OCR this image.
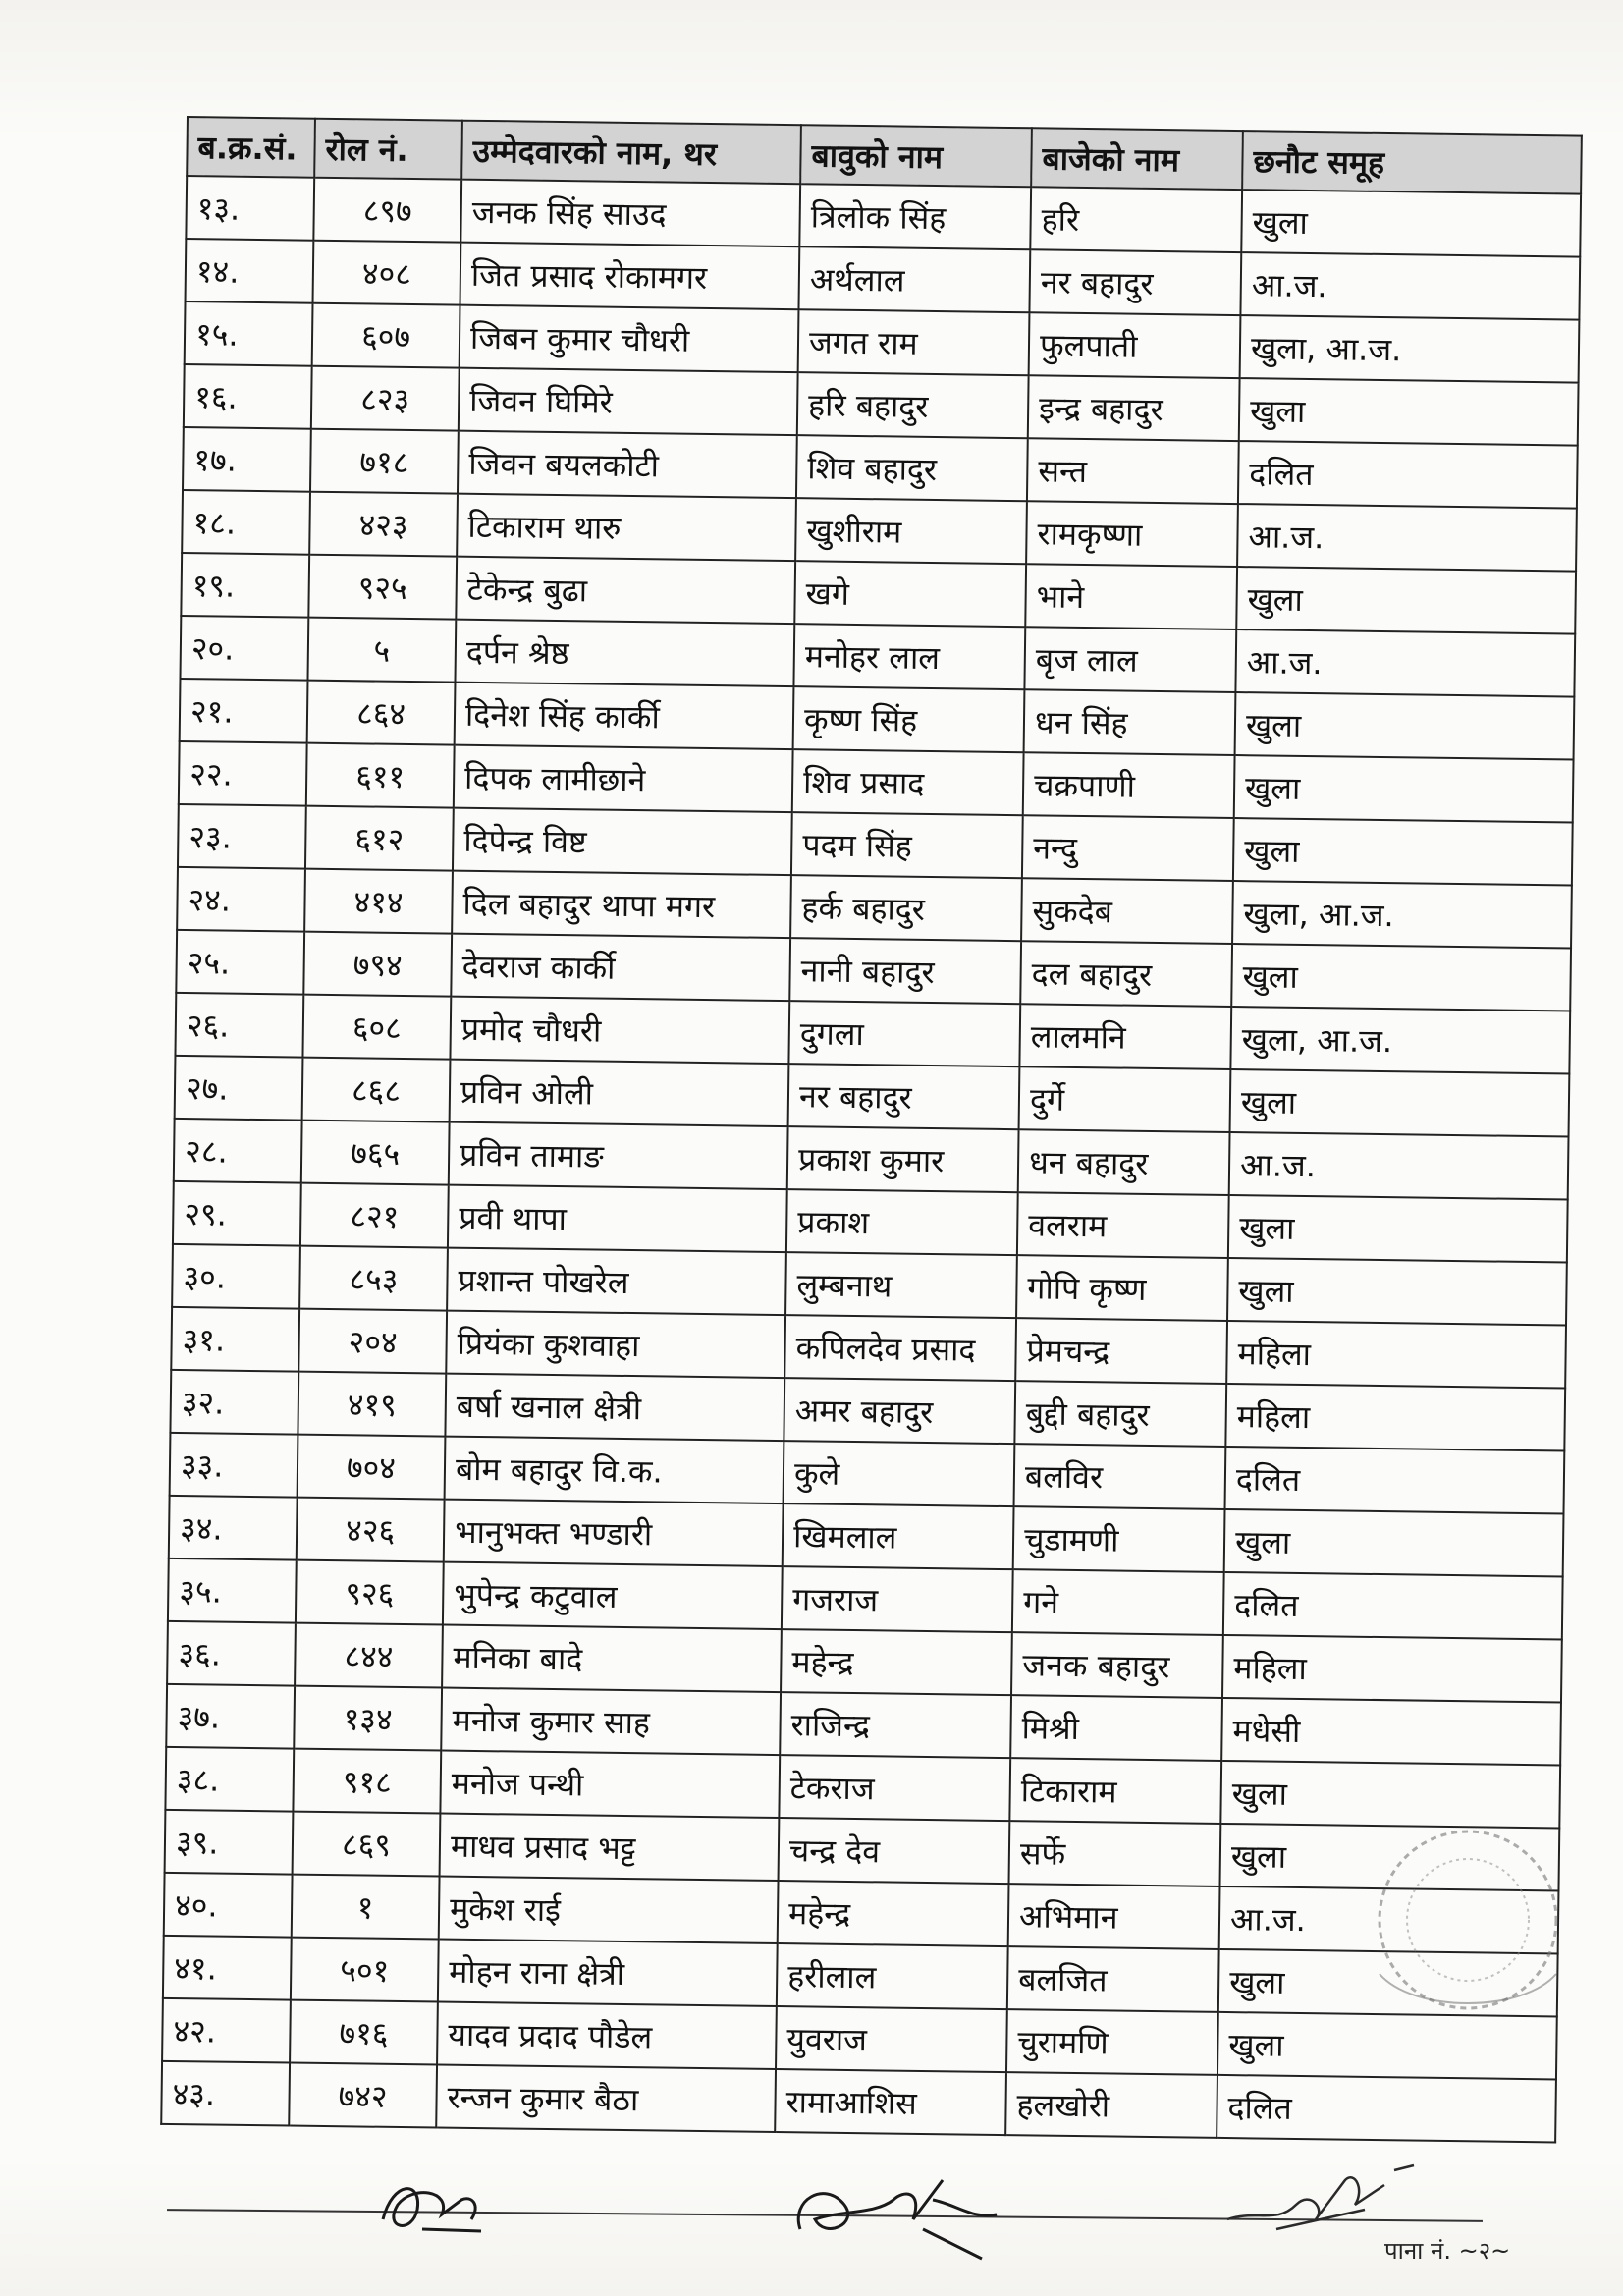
ब.क्र.सं.	रोल नं.	उम्मेदवारको नाम, थर	बावुको नाम	बाजेको नाम	छनौट समूह
१३.	८९७	जनक सिंह साउद	त्रिलोक सिंह	हरि	खुला
१४.	४०८	जित प्रसाद रोकामगर	अर्थलाल	नर बहादुर	आ.ज.
१५.	६०७	जिबन कुमार चौधरी	जगत राम	फुलपाती	खुला, आ.ज.
१६.	८२३	जिवन घिमिरे	हरि बहादुर	इन्द्र बहादुर	खुला
१७.	७१८	जिवन बयलकोटी	शिव बहादुर	सन्त	दलित
१८.	४२३	टिकाराम थारु	खुशीराम	रामकृष्णा	आ.ज.
१९.	९२५	टेकेन्द्र बुढा	खगे	भाने	खुला
२०.	५	दर्पन श्रेष्ठ	मनोहर लाल	बृज लाल	आ.ज.
२१.	८६४	दिनेश सिंह कार्की	कृष्ण सिंह	धन सिंह	खुला
२२.	६११	दिपक लामीछाने	शिव प्रसाद	चक्रपाणी	खुला
२३.	६१२	दिपेन्द्र विष्ट	पदम सिंह	नन्दु	खुला
२४.	४१४	दिल बहादुर थापा मगर	हर्क बहादुर	सुकदेब	खुला, आ.ज.
२५.	७९४	देवराज कार्की	नानी बहादुर	दल बहादुर	खुला
२६.	६०८	प्रमोद चौधरी	दुगला	लालमनि	खुला, आ.ज.
२७.	८६८	प्रविन ओली	नर बहादुर	दुर्गे	खुला
२८.	७६५	प्रविन तामाङ	प्रकाश कुमार	धन बहादुर	आ.ज.
२९.	८२१	प्रवी थापा	प्रकाश	वलराम	खुला
३०.	८५३	प्रशान्त पोखरेल	लुम्बनाथ	गोपि कृष्ण	खुला
३१.	२०४	प्रियंका कुशवाहा	कपिलदेव प्रसाद	प्रेमचन्द्र	महिला
३२.	४१९	बर्षा खनाल क्षेत्री	अमर बहादुर	बुद्दी बहादुर	महिला
३३.	७०४	बोम बहादुर वि.क.	कुले	बलविर	दलित
३४.	४२६	भानुभक्त भण्डारी	खिमलाल	चुडामणी	खुला
३५.	९२६	भुपेन्द्र कटुवाल	गजराज	गने	दलित
३६.	८४४	मनिका बादे	महेन्द्र	जनक बहादुर	महिला
३७.	१३४	मनोज कुमार साह	राजिन्द्र	मिश्री	मधेसी
३८.	९१८	मनोज पन्थी	टेकराज	टिकाराम	खुला
३९.	८६९	माधव प्रसाद भट्ट	चन्द्र देव	सर्फे	खुला
४०.	१	मुकेश राई	महेन्द्र	अभिमान	आ.ज.
४१.	५०१	मोहन राना क्षेत्री	हरीलाल	बलजित	खुला
४२.	७१६	यादव प्रदाद पौडेल	युवराज	चुरामणि	खुला
४३.	७४२	रन्जन कुमार बैठा	रामाआशिस	हलखोरी	दलित
पाना नं. ~२~
